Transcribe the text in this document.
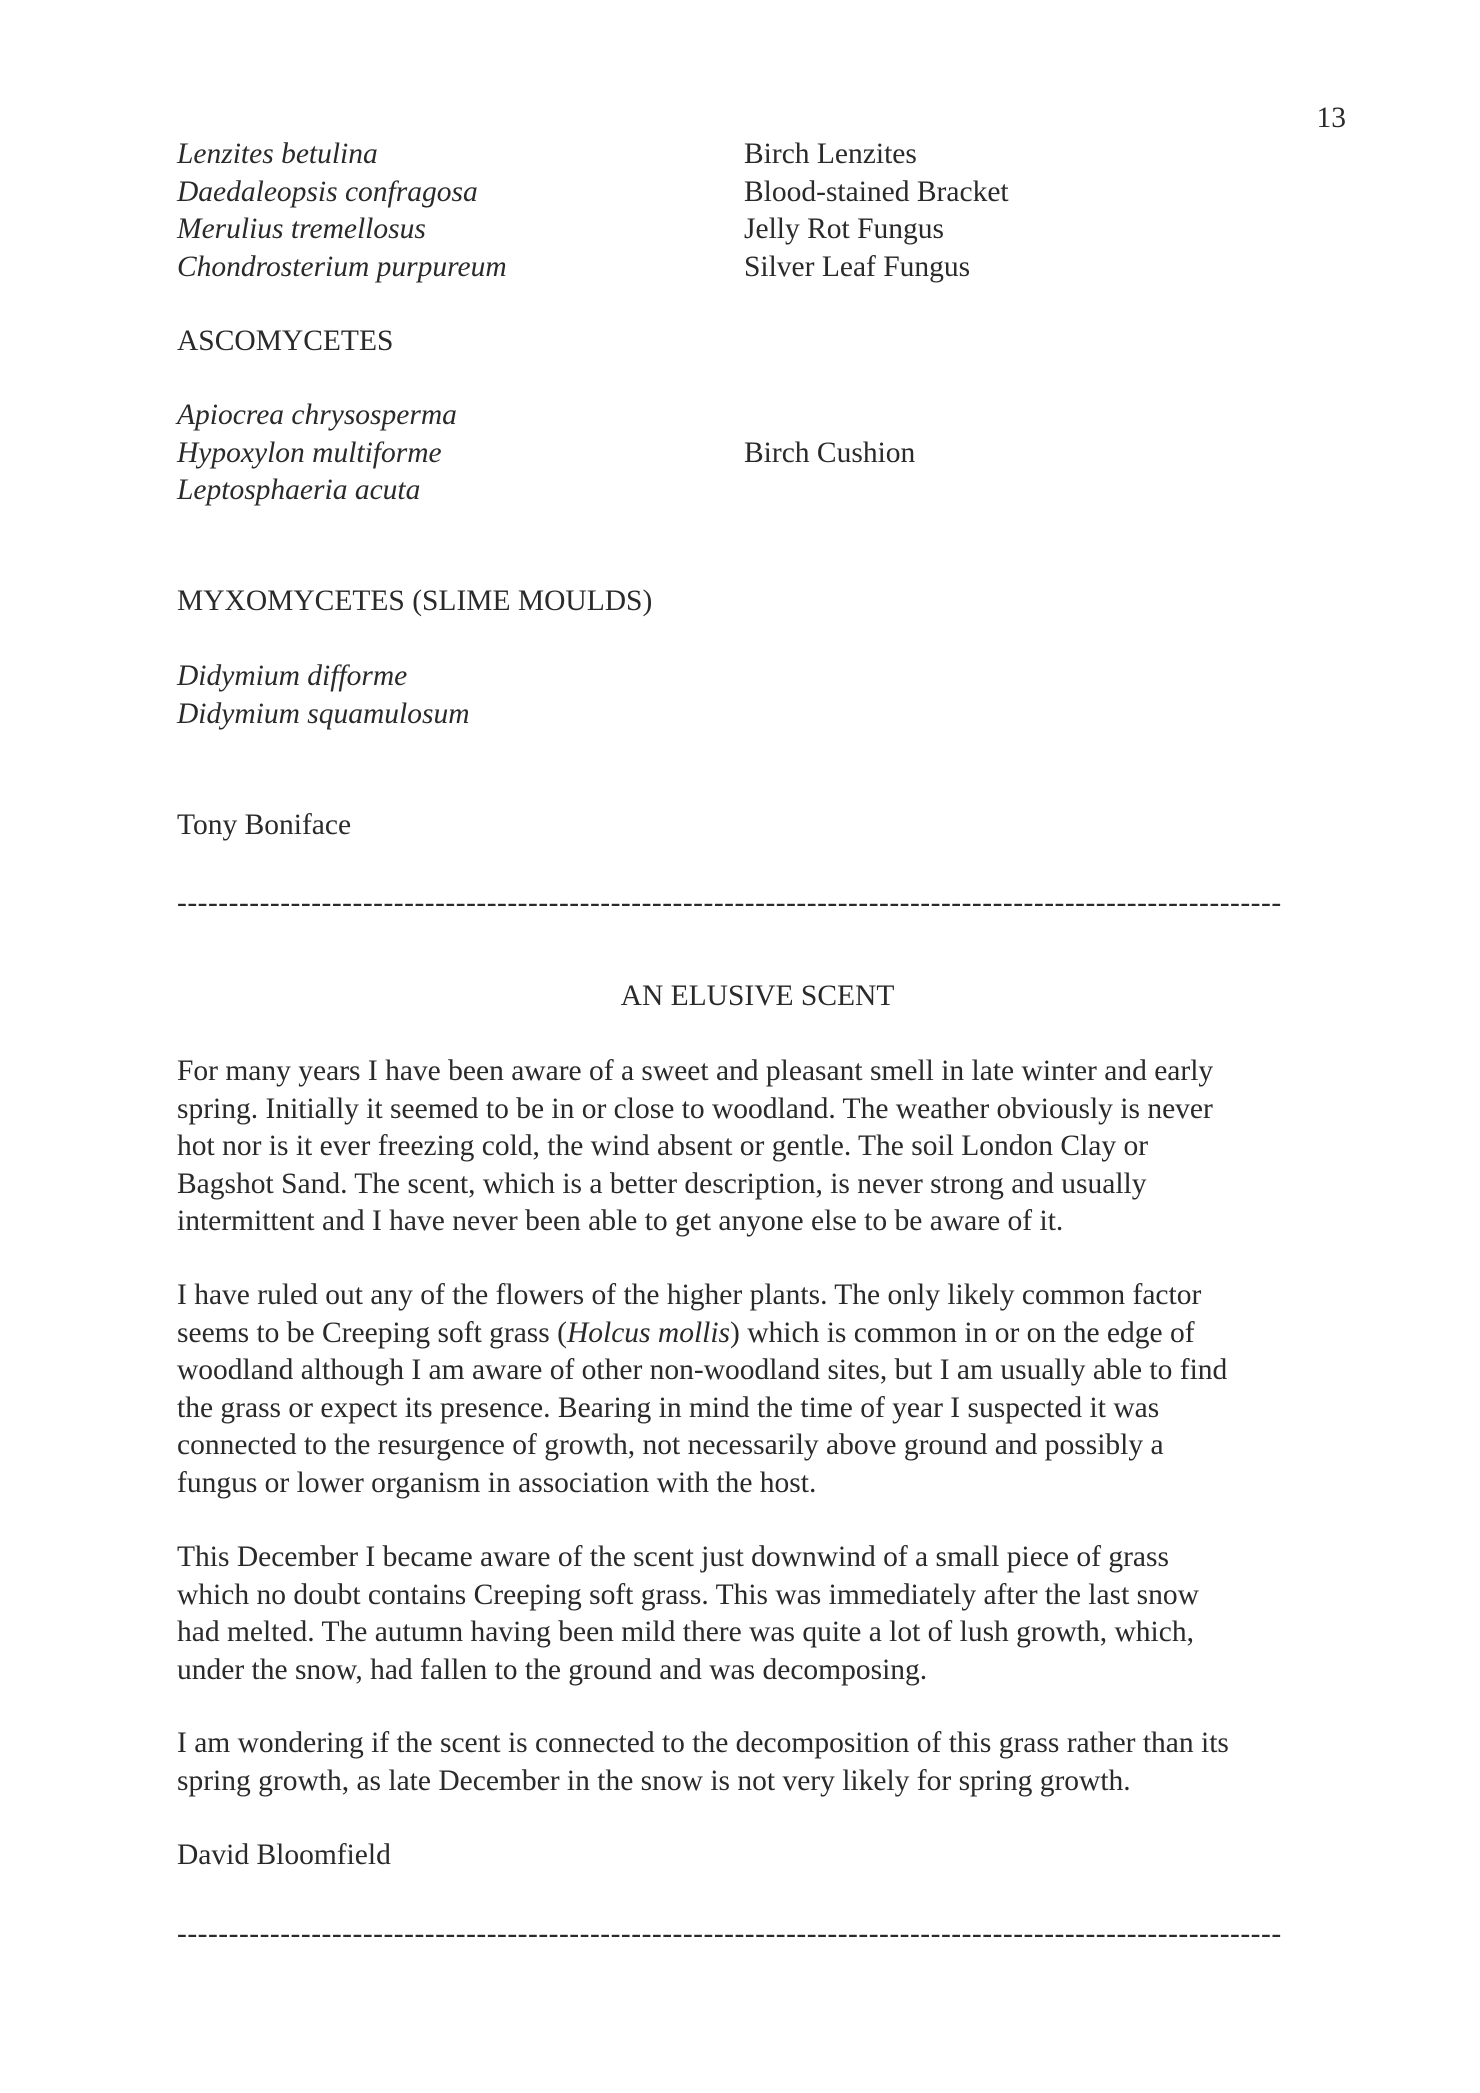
13
Lenzites betulina	Birch Lenzites
Daedaleopsis confragosa	Blood-stained Bracket
Merulius tremellosus	Jelly Rot Fungus
Chondrosterium purpureum	Silver Leaf Fungus
ASCOMYCETES
Apiocrea chrysosperma
Hypoxylon multiforme	Birch Cushion
Leptosphaeria acuta
MYXOMYCETES (SLIME MOULDS)
Didymium difforme
Didymium squamulosum
Tony Boniface
-----------------------------------------------------------------------------------------------------------
AN ELUSIVE SCENT
For many years I have been aware of a sweet and pleasant smell in late winter and early
spring. Initially it seemed to be in or close to woodland. The weather obviously is never
hot nor is it ever freezing cold, the wind absent or gentle. The soil London Clay or
Bagshot Sand. The scent, which is a better description, is never strong and usually
intermittent and I have never been able to get anyone else to be aware of it.
I have ruled out any of the flowers of the higher plants. The only likely common factor
seems to be Creeping soft grass (Holcus mollis) which is common in or on the edge of
woodland although I am aware of other non-woodland sites, but I am usually able to find
the grass or expect its presence. Bearing in mind the time of year I suspected it was
connected to the resurgence of growth, not necessarily above ground and possibly a
fungus or lower organism in association with the host.
This December I became aware of the scent just downwind of a small piece of grass
which no doubt contains Creeping soft grass. This was immediately after the last snow
had melted. The autumn having been mild there was quite a lot of lush growth, which,
under the snow, had fallen to the ground and was decomposing.
I am wondering if the scent is connected to the decomposition of this grass rather than its
spring growth, as late December in the snow is not very likely for spring growth.
David Bloomfield
-----------------------------------------------------------------------------------------------------------
